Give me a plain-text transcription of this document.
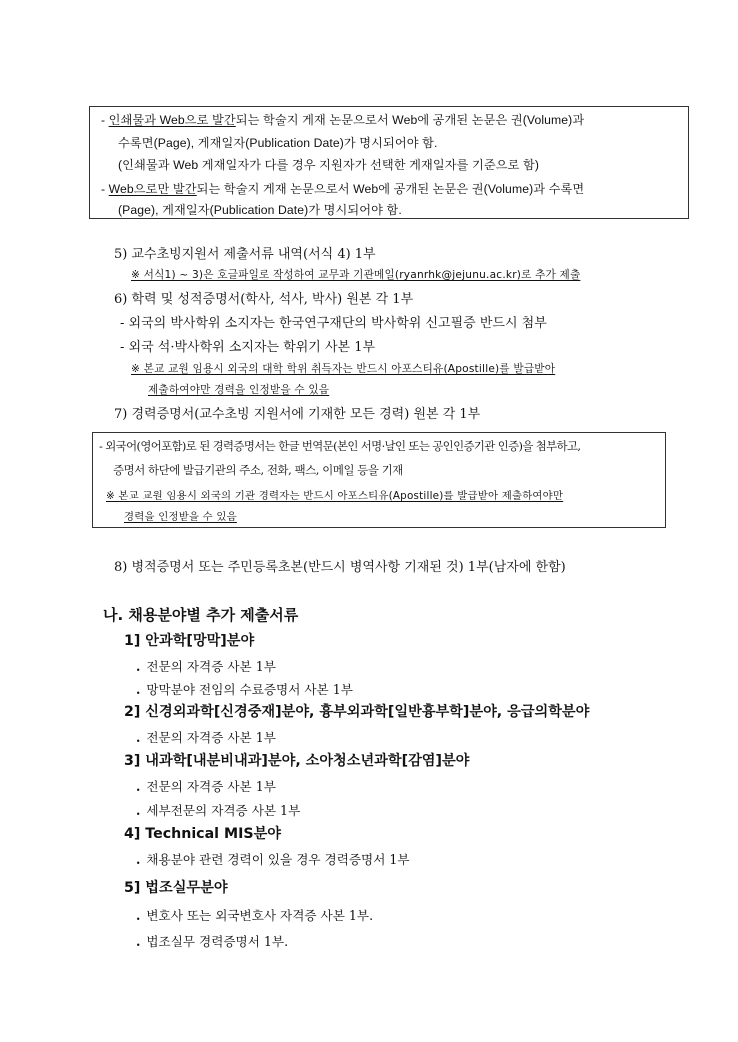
- 인쇄물과 Web으로 발간되는 학술지 게재 논문으로서 Web에 공개된 논문은 권(Volume)과
수록면(Page), 게재일자(Publication Date)가 명시되어야 함.
(인쇄물과 Web 게재일자가 다를 경우 지원자가 선택한 게재일자를 기준으로 함)
- Web으로만 발간되는 학술지 게재 논문으로서 Web에 공개된 논문은 권(Volume)과 수록면
(Page), 게재일자(Publication Date)가 명시되어야 함.
5) 교수초빙지원서 제출서류 내역(서식 4) 1부
※ 서식1) ~ 3)은 호글파일로 작성하여 교무과 기관메일(ryanrhk@jejunu.ac.kr)로 추가 제출
6) 학력 및 성적증명서(학사, 석사, 박사) 원본 각 1부
- 외국의 박사학위 소지자는 한국연구재단의 박사학위 신고필증 반드시 첨부
- 외국 석·박사학위 소지자는 학위기 사본 1부
※ 본교 교원 임용시 외국의 대학 학위 취득자는 반드시 아포스티유(Apostille)를 발급받아
제출하여야만 경력을 인정받을 수 있음
7) 경력증명서(교수초빙 지원서에 기재한 모든 경력) 원본 각 1부
- 외국어(영어포함)로 된 경력증명서는 한글 번역문(본인 서명·날인 또는 공인인증기관 인증)을 첨부하고,
증명서 하단에 발급기관의 주소, 전화, 팩스, 이메일 등을 기재
※ 본교 교원 임용시 외국의 기관 경력자는 반드시 아포스티유(Apostille)를 발급받아 제출하여야만
경력을 인정받을 수 있음
8) 병적증명서 또는 주민등록초본(반드시 병역사항 기재된 것) 1부(남자에 한함)
나. 채용분야별 추가 제출서류
1] 안과학[망막]분야
. 전문의 자격증 사본 1부
. 망막분야 전임의 수료증명서 사본 1부
2] 신경외과학[신경중재]분야, 흉부외과학[일반흉부학]분야, 응급의학분야
. 전문의 자격증 사본 1부
3] 내과학[내분비내과]분야, 소아청소년과학[감염]분야
. 전문의 자격증 사본 1부
. 세부전문의 자격증 사본 1부
4] Technical MIS분야
. 채용분야 관련 경력이 있을 경우 경력증명서 1부
5] 법조실무분야
. 변호사 또는 외국변호사 자격증 사본 1부.
. 법조실무 경력증명서 1부.
